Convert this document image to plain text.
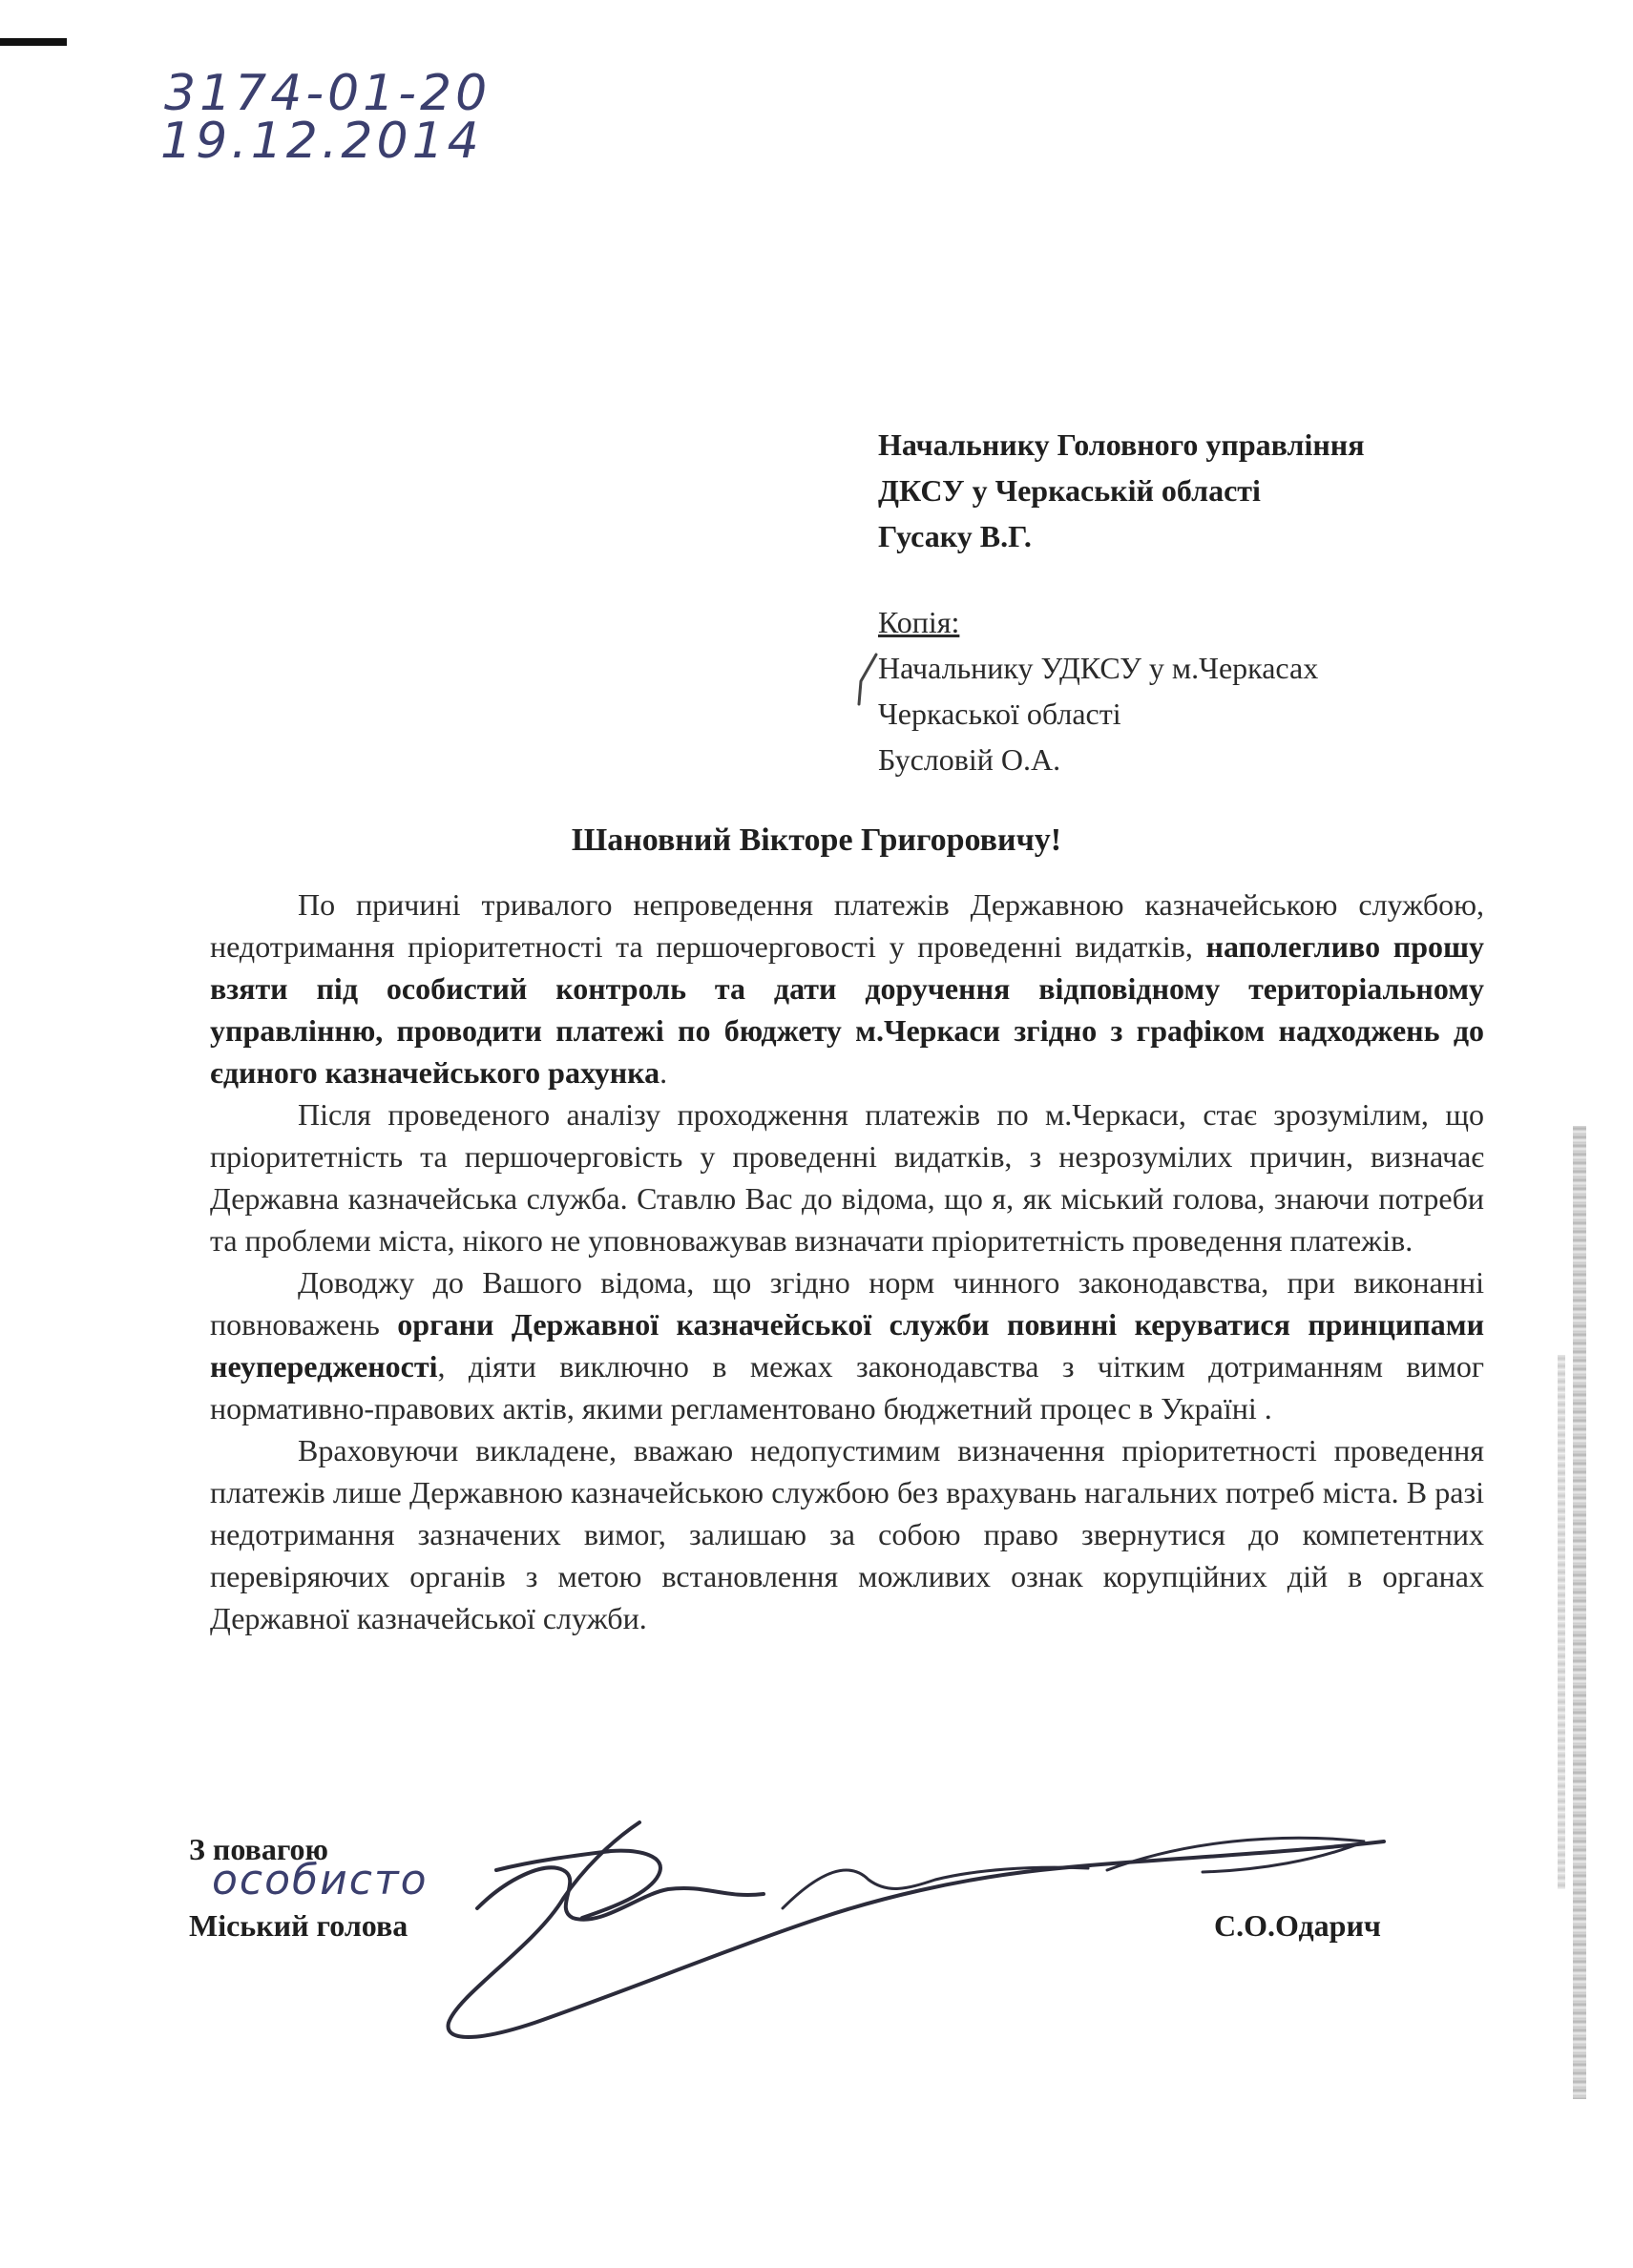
3174-01-20
19.12.2014
Начальнику Головного управління
ДКСУ у Черкаській області
Гусаку В.Г.
Копія:
Начальнику УДКСУ у м.Черкасах
Черкаської області
Бусловій О.А.
Шановний Вікторе Григоровичу!

По причині тривалого непроведення платежів Державною казначейською службою, недотримання пріоритетності та першочерговості у проведенні видатків, наполегливо прошу взяти під особистий контроль та дати доручення відповідному територіальному управлінню, проводити платежі по бюджету м.Черкаси згідно з графіком надходжень до єдиного казначейського рахунка.

Після проведеного аналізу проходження платежів по м.Черкаси, стає зрозумілим, що пріоритетність та першочерговість у проведенні видатків, з незрозумілих причин, визначає Державна казначейська служба. Ставлю Вас до відома, що я, як міський голова, знаючи потреби та проблеми міста, нікого не уповноважував визначати пріоритетність проведення платежів.

Доводжу до Вашого відома, що згідно норм чинного законодавства, при виконанні повноважень органи Державної казначейської служби повинні керуватися принципами неупередженості, діяти виключно в межах законодавства з чітким дотриманням вимог нормативно-правових актів, якими регламентовано бюджетний процес в Україні .

Враховуючи викладене, вважаю недопустимим визначення пріоритетності проведення платежів лише Державною казначейською службою без врахувань нагальних потреб міста. В разі недотримання зазначених вимог, залишаю за собою право звернутися до компетентних перевіряючих органів з метою встановлення можливих ознак корупційних дій в органах Державної казначейської служби.

З повагою
Міський голова	С.О.Одарич
особисто
